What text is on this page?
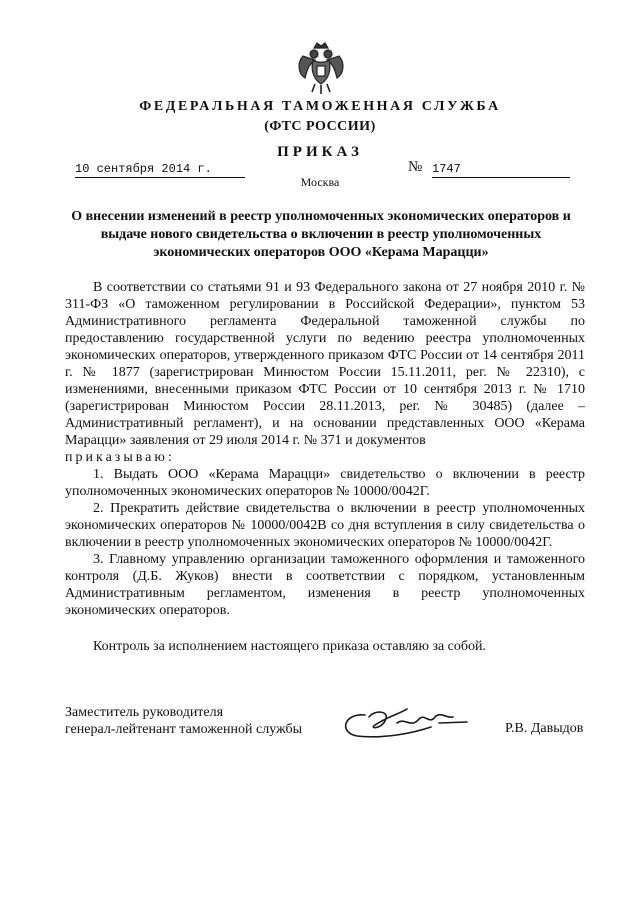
ФЕДЕРАЛЬНАЯ ТАМОЖЕННАЯ СЛУЖБА
(ФТС РОССИИ)
ПРИКАЗ
10 сентября 2014 г.	№ 1747
Москва
О внесении изменений в реестр уполномоченных экономических операторов и выдаче нового свидетельства о включении в реестр уполномоченных экономических операторов ООО «Керама Марацци»

В соответствии со статьями 91 и 93 Федерального закона от 27 ноября 2010 г. № 311-ФЗ «О таможенном регулировании в Российской Федерации», пунктом 53 Административного регламента Федеральной таможенной службы по предоставлению государственной услуги по ведению реестра уполномоченных экономических операторов, утвержденного приказом ФТС России от 14 сентября 2011 г. № 1877 (зарегистрирован Минюстом России 15.11.2011, рег. № 22310), с изменениями, внесенными приказом ФТС России от 10 сентября 2013 г. № 1710 (зарегистрирован Минюстом России 28.11.2013, рег. № 30485) (далее – Административный регламент), и на основании представленных ООО «Керама Марацци» заявления от 29 июля 2014 г. № 371 и документов

приказываю:

1. Выдать ООО «Керама Марацци» свидетельство о включении в реестр уполномоченных экономических операторов № 10000/0042Г.

2. Прекратить действие свидетельства о включении в реестр уполномоченных экономических операторов № 10000/0042В со дня вступления в силу свидетельства о включении в реестр уполномоченных экономических операторов № 10000/0042Г.

3. Главному управлению организации таможенного оформления и таможенного контроля (Д.Б. Жуков) внести в соответствии с порядком, установленным Административным регламентом, изменения в реестр уполномоченных экономических операторов.

Контроль за исполнением настоящего приказа оставляю за собой.

Заместитель руководителя
генерал-лейтенант таможенной службы	Р.В. Давыдов
